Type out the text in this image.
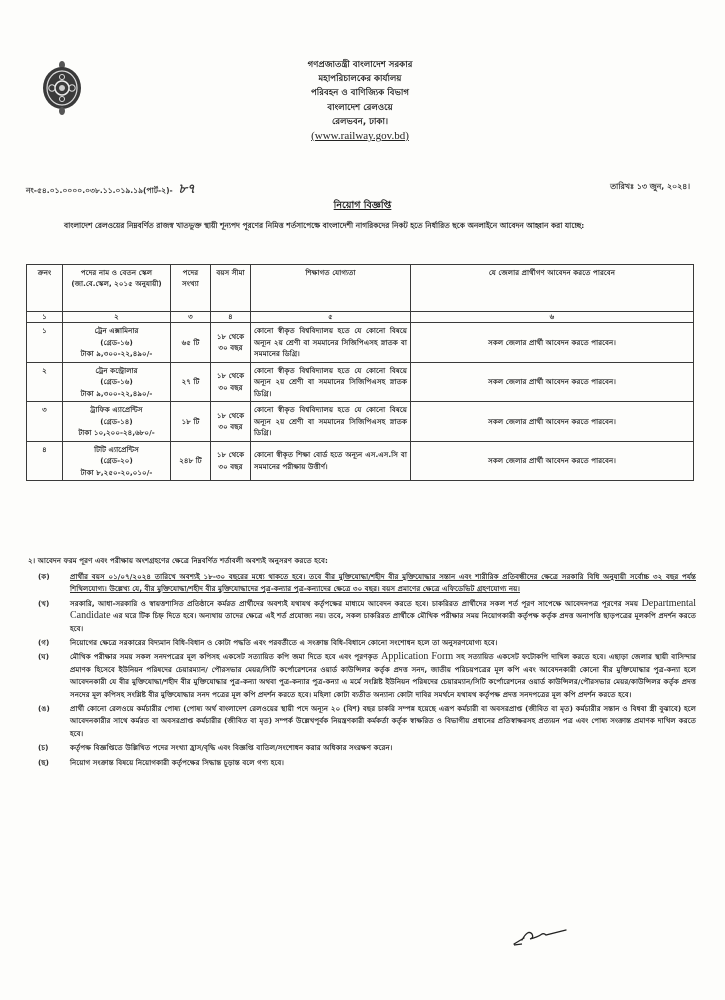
গণপ্রজাতন্ত্রী বাংলাদেশ সরকার
মহাপরিচালকের কার্যালয়
পরিবহন ও বাণিজ্যিক বিভাগ
বাংলাদেশ রেলওয়ে
রেলভবন, ঢাকা।
(www.railway.gov.bd)
নং-৫৪.০১.০০০০.০৩৮.১১.০১৯.১৯(পার্ট-২)- ৮৭	তারিখঃ ১৩ জুন, ২০২৪।
নিয়োগ বিজ্ঞপ্তি
বাংলাদেশ রেলওয়ের নিম্নবর্ণিত রাজস্ব খাতভুক্ত স্থায়ী শূন্যপদ পূরণের নিমিত্ত শর্তসাপেক্ষে বাংলাদেশী নাগরিকদের নিকট হতে নির্ধারিত ছকে অনলাইনে আবেদন আহ্বান করা যাচ্ছে:
ক্রনং	পদের নাম ও বেতন স্কেল (জা.বে.স্কেল, ২০১৫ অনুযায়ী)	পদের সংখ্যা	বয়স সীমা	শিক্ষাগত যোগ্যতা	যে জেলার প্রার্থীগণ আবেদন করতে পারবেন
১	২	৩	৪	৫	৬
১	ট্রেন এক্সামিনার
(গ্রেড-১৬)
টাকা ৯,৩০০-২২,৪৯০/-	৬৫ টি	১৮ থেকে ৩০ বছর	কোনো স্বীকৃত বিশ্ববিদ্যালয় হতে যে কোনো বিষয়ে অন্যূন ২য় শ্রেণী বা সমমানের সিজিপিএসহ স্নাতক বা সমমানের ডিগ্রি।	সকল জেলার প্রার্থী আবেদন করতে পারবেন।
২	ট্রেন কন্ট্রোলার
(গ্রেড-১৬)
টাকা ৯,৩০০-২২,৪৯০/-	২৭ টি	১৮ থেকে ৩০ বছর	কোনো স্বীকৃত বিশ্ববিদ্যালয় হতে যে কোনো বিষয়ে অন্যূন ২য় শ্রেণী বা সমমানের সিজিপিএসহ স্নাতক ডিগ্রি।	সকল জেলার প্রার্থী আবেদন করতে পারবেন।
৩	ট্রাফিক এ্যাপ্রেন্টিস
(গ্রেড-১৪)
টাকা ১০,২০০-২৪,৬৮০/-	১৮ টি	১৮ থেকে ৩০ বছর	কোনো স্বীকৃত বিশ্ববিদ্যালয় হতে যে কোনো বিষয়ে অন্যূন ২য় শ্রেণী বা সমমানের সিজিপিএসহ স্নাতক ডিগ্রি।	সকল জেলার প্রার্থী আবেদন করতে পারবেন।
৪	টিটি এ্যাপ্রেন্টিস
(গ্রেড-২০)
টাকা ৮,২৫০-২০,০১০/-	২৪৮ টি	১৮ থেকে ৩০ বছর	কোনো স্বীকৃত শিক্ষা বোর্ড হতে অন্যূন এস.এস.সি বা সমমানের পরীক্ষায় উত্তীর্ণ।	সকল জেলার প্রার্থী আবেদন করতে পারবেন।
২। আবেদন ফরম পূরণ এবং পরীক্ষায় অংশগ্রহণের ক্ষেত্রে নিম্নবর্ণিত শর্তাবলী অবশ্যই অনুসরণ করতে হবে:
(ক)	প্রার্থীর বয়স ০১/০৭/২০২৪ তারিখে অবশ্যই ১৮-৩০ বছরের মধ্যে থাকতে হবে। তবে বীর মুক্তিযোদ্ধা/শহীদ বীর মুক্তিযোদ্ধার সন্তান এবং শারীরিক প্রতিবন্ধীদের ক্ষেত্রে সরকারি বিধি অনুযায়ী সর্বোচ্চ ৩২ বছর পর্যন্ত শিথিলযোগ্য। উল্লেখ্য যে, বীর মুক্তিযোদ্ধা/শহীদ বীর মুক্তিযোদ্ধাদের পুত্র-কন্যার পুত্র-কন্যাদের ক্ষেত্রে ৩০ বছর। বয়স প্রমাণের ক্ষেত্রে এফিডেভিট গ্রহণযোগ্য নয়।
(খ)	সরকারি, আধা-সরকারি ও স্বায়ত্তশাসিত প্রতিষ্ঠানে কর্মরত প্রার্থীদের অবশ্যই যথাযথ কর্তৃপক্ষের মাধ্যমে আবেদন করতে হবে। চাকরিরত প্রার্থীদের সকল শর্ত পূরণ সাপেক্ষে আবেদনপত্র পূরণের সময় Departmental Candidate এর ঘরে টিক চিহ্ন দিতে হবে। অন্যথায় তাদের ক্ষেত্রে এই শর্ত প্রযোজ্য নয়। তবে, সকল চাকরিরত প্রার্থীকে মৌখিক পরীক্ষার সময় নিয়োগকারী কর্তৃপক্ষ কর্তৃক প্রদত্ত অনাপত্তি ছাড়পত্রের মূলকপি প্রদর্শন করতে হবে।
(গ)	নিয়োগের ক্ষেত্রে সরকারের বিদ্যমান বিধি-বিধান ও কোটা পদ্ধতি এবং পরবর্তীতে এ সংক্রান্ত বিধি-বিধানে কোনো সংশোধন হলে তা অনুসরণযোগ্য হবে।
(ঘ)	মৌখিক পরীক্ষার সময় সকল সনদপত্রের মূল কপিসহ একসেট সত্যায়িত কপি জমা দিতে হবে এবং পূরণকৃত Application Form সহ সত্যায়িত একসেট ফটোকপি দাখিল করতে হবে। এছাড়া জেলার স্থায়ী বাসিন্দার প্রমাণক হিসেবে ইউনিয়ন পরিষদের চেয়ারম্যান/ পৌরসভার মেয়র/সিটি কর্পোরেশনের ওয়ার্ড কাউন্সিলর কর্তৃক প্রদত্ত সনদ, জাতীয় পরিচয়পত্রের মূল কপি এবং আবেদনকারী কোনো বীর মুক্তিযোদ্ধার পুত্র-কন্যা হলে আবেদনকারী যে বীর মুক্তিযোদ্ধা/শহীদ বীর মুক্তিযোদ্ধার পুত্র-কন্যা অথবা পুত্র-কন্যার পুত্র-কন্যা এ মর্মে সংশ্লিষ্ট ইউনিয়ন পরিষদের চেয়ারম্যান/সিটি কর্পোরেশনের ওয়ার্ড কাউন্সিলর/পৌরসভার মেয়র/কাউন্সিলর কর্তৃক প্রদত্ত সনদের মূল কপিসহ সংশ্লিষ্ট বীর মুক্তিযোদ্ধার সনদ পত্রের মূল কপি প্রদর্শন করতে হবে। মহিলা কোটা ব্যতীত অন্যান্য কোটা দাবির সমর্থনে যথাযথ কর্তৃপক্ষ প্রদত্ত সনদপত্রের মূল কপি প্রদর্শন করতে হবে।
(ঙ)	প্রার্থী কোনো রেলওয়ে কর্মচারীর পোষ্য (পোষ্য অর্থ বাংলাদেশ রেলওয়ের স্থায়ী পদে অন্যূন ২০ (বিশ) বছর চাকরি সম্পন্ন হয়েছে এরূপ কর্মচারী বা অবসরপ্রাপ্ত (জীবিত বা মৃত) কর্মচারীর সন্তান ও বিধবা স্ত্রী বুঝাবে) হলে আবেদনকারীর সাথে কর্মরত বা অবসরপ্রাপ্ত কর্মচারীর (জীবিত বা মৃত) সম্পর্ক উল্লেখপূর্বক নিয়ন্ত্রণকারী কর্মকর্তা কর্তৃক স্বাক্ষরিত ও বিভাগীয় প্রধানের প্রতিস্বাক্ষরসহ প্রত্যয়ন পত্র এবং পোষ্য সংক্রান্ত প্রমাণক দাখিল করতে হবে।
(চ)	কর্তৃপক্ষ বিজ্ঞপ্তিতে উল্লিখিত পদের সংখ্যা হ্রাস/বৃদ্ধি এবং বিজ্ঞপ্তি বাতিল/সংশোধন করার অধিকার সংরক্ষণ করেন।
(ছ)	নিয়োগ সংক্রান্ত বিষয়ে নিয়োগকারী কর্তৃপক্ষের সিদ্ধান্ত চূড়ান্ত বলে গণ্য হবে।
